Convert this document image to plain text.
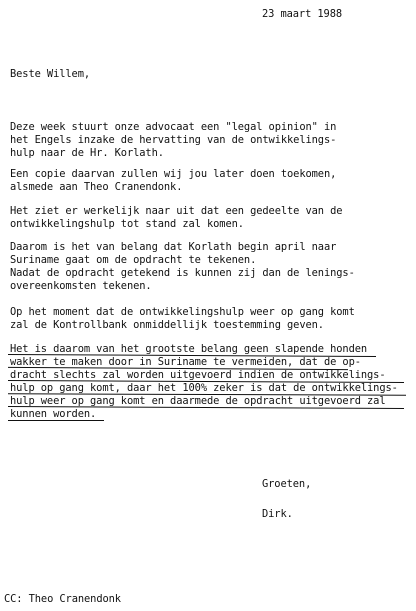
23 maart 1988
Beste Willem,
Deze week stuurt onze advocaat een "legal opinion" in
het Engels inzake de hervatting van de ontwikkelings-
hulp naar de Hr. Korlath.
Een copie daarvan zullen wij jou later doen toekomen,
alsmede aan Theo Cranendonk.
Het ziet er werkelijk naar uit dat een gedeelte van de
ontwikkelingshulp tot stand zal komen.
Daarom is het van belang dat Korlath begin april naar
Suriname gaat om de opdracht te tekenen.
Nadat de opdracht getekend is kunnen zij dan de lenings-
overeenkomsten tekenen.
Op het moment dat de ontwikkelingshulp weer op gang komt
zal de Kontrollbank onmiddellijk toestemming geven.
Het is daarom van het grootste belang geen slapende honden
wakker te maken door in Suriname te vermeiden, dat de op-
dracht slechts zal worden uitgevoerd indien de ontwikkelings-
hulp op gang komt, daar het 100% zeker is dat de ontwikkelings-
hulp weer op gang komt en daarmede de opdracht uitgevoerd zal
kunnen worden.
Groeten,
Dirk.
CC: Theo Cranendonk
